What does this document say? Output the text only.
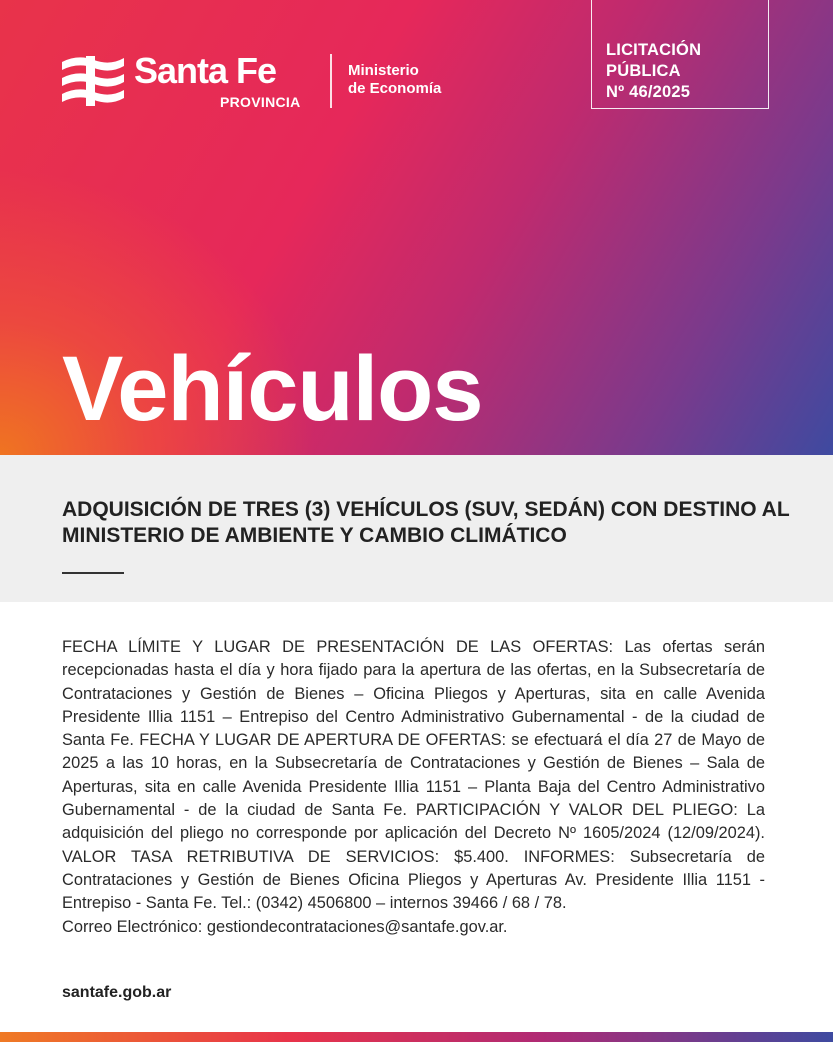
Santa Fe
PROVINCIA
Ministerio
de Economía
LICITACIÓN
PÚBLICA
Nº 46/2025
Vehículos
ADQUISICIÓN DE TRES (3) VEHÍCULOS (SUV, SEDÁN) CON DESTINO AL MINISTERIO DE AMBIENTE Y CAMBIO CLIMÁTICO

FECHA LÍMITE Y LUGAR DE PRESENTACIÓN DE LAS OFERTAS: Las ofertas serán recepcionadas hasta el día y hora fijado para la apertura de las ofertas, en la Subsecretaría de Contrataciones y Gestión de Bienes – Oficina Pliegos y Aperturas, sita en calle Avenida Presidente Illia 1151 – Entrepiso del Centro Administrativo Gubernamental - de la ciudad de Santa Fe. FECHA Y LUGAR DE APERTURA DE OFERTAS: se efectuará el día 27 de Mayo de 2025 a las 10 horas, en la Subsecretaría de Contrataciones y Gestión de Bienes – Sala de Aperturas, sita en calle Avenida Presidente Illia 1151 – Planta Baja del Centro Administrativo Gubernamental - de la ciudad de Santa Fe. PARTICIPACIÓN Y VALOR DEL PLIEGO: La adquisición del pliego no corresponde por aplicación del Decreto Nº 1605/2024 (12/09/2024). VALOR TASA RETRIBUTIVA DE SERVICIOS: $5.400. INFORMES: Subsecretaría de Contrataciones y Gestión de Bienes Oficina Pliegos y Aperturas Av. Presidente Illia 1151 - Entrepiso - Santa Fe. Tel.: (0342) 4506800 – internos 39466 / 68 / 78.

Correo Electrónico: gestiondecontrataciones@santafe.gov.ar.

santafe.gob.ar
